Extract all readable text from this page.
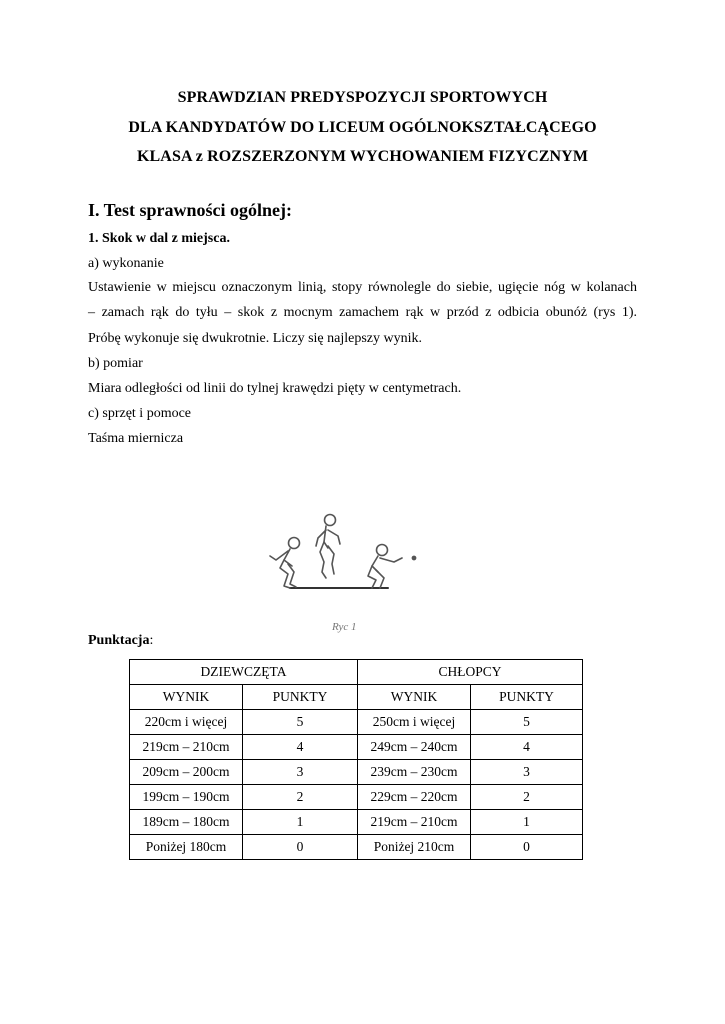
SPRAWDZIAN PREDYSPOZYCJI SPORTOWYCH
DLA KANDYDATÓW DO LICEUM OGÓLNOKSZTAŁCĄCEGO
KLASA z ROZSZERZONYM WYCHOWANIEM FIZYCZNYM
I. Test sprawności ogólnej:
1. Skok w dal z miejsca.
a) wykonanie
Ustawienie w miejscu oznaczonym linią, stopy równolegle do siebie, ugięcie nóg w kolanach
– zamach rąk do tyłu – skok z mocnym zamachem rąk w przód z odbicia obunóż (rys 1).
Próbę wykonuje się dwukrotnie. Liczy się najlepszy wynik.
b) pomiar
Miara odległości od linii do tylnej krawędzi pięty w centymetrach.
c) sprzęt i pomoce
Taśma miernicza
Ryc 1
Punktacja:
DZIEWCZĘTA		CHŁOPCY	
WYNIK	PUNKTY	WYNIK	PUNKTY
220cm i więcej	5	250cm i więcej	5
219cm – 210cm	4	249cm – 240cm	4
209cm – 200cm	3	239cm – 230cm	3
199cm – 190cm	2	229cm – 220cm	2
189cm – 180cm	1	219cm – 210cm	1
Poniżej 180cm	0	Poniżej 210cm	0
